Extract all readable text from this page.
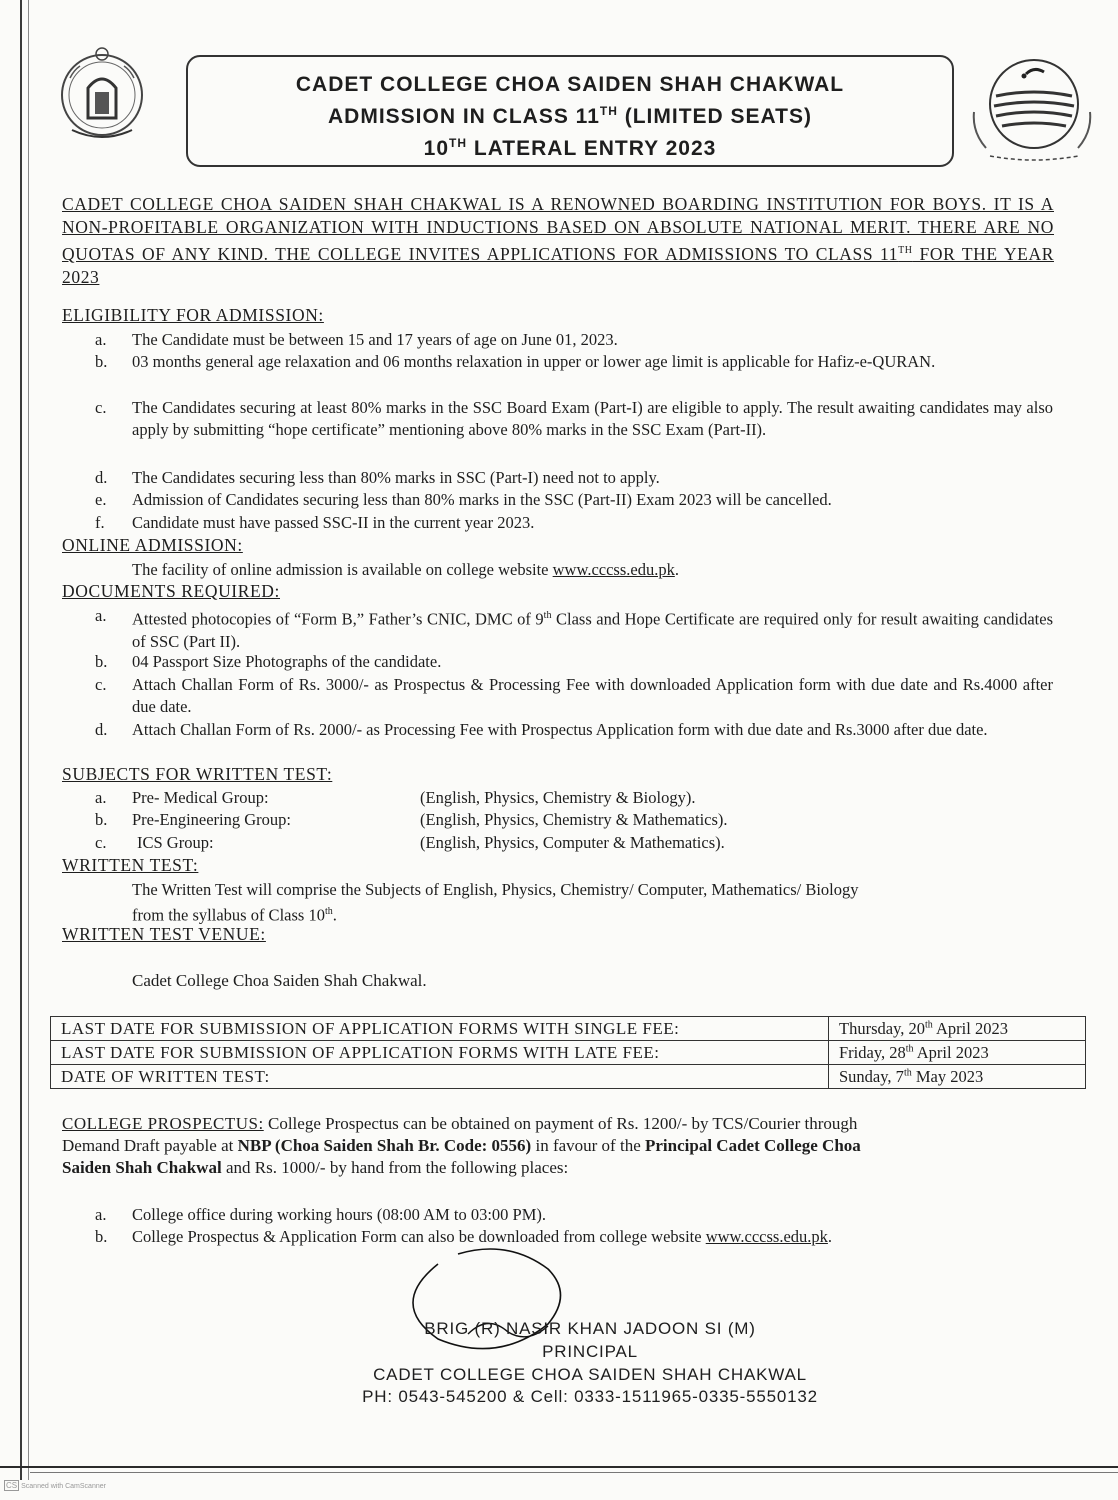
CADET COLLEGE CHOA SAIDEN SHAH CHAKWAL
ADMISSION IN CLASS 11TH (LIMITED SEATS)
10TH LATERAL ENTRY 2023
CADET COLLEGE CHOA SAIDEN SHAH CHAKWAL IS A RENOWNED BOARDING INSTITUTION FOR BOYS. IT IS A NON-PROFITABLE ORGANIZATION WITH INDUCTIONS BASED ON ABSOLUTE NATIONAL MERIT. THERE ARE NO QUOTAS OF ANY KIND. THE COLLEGE INVITES APPLICATIONS FOR ADMISSIONS TO CLASS 11TH FOR THE YEAR 2023
ELIGIBILITY FOR ADMISSION:
a.	The Candidate must be between 15 and 17 years of age on June 01, 2023.
b.	03 months general age relaxation and 06 months relaxation in upper or lower age limit is applicable for Hafiz-e-QURAN.
c.	The Candidates securing at least 80% marks in the SSC Board Exam (Part-I) are eligible to apply. The result awaiting candidates may also apply by submitting “hope certificate” mentioning above 80% marks in the SSC Exam (Part-II).
d.	The Candidates securing less than 80% marks in SSC (Part-I) need not to apply.
e.	Admission of Candidates securing less than 80% marks in the SSC (Part-II) Exam 2023 will be cancelled.
f.	Candidate must have passed SSC-II in the current year 2023.
ONLINE ADMISSION:
The facility of online admission is available on college website www.cccss.edu.pk.
DOCUMENTS REQUIRED:
a.	Attested photocopies of “Form B,” Father’s CNIC, DMC of 9th Class and Hope Certificate are required only for result awaiting candidates of SSC (Part II).
b.	04 Passport Size Photographs of the candidate.
c.	Attach Challan Form of Rs. 3000/- as Prospectus & Processing Fee with downloaded Application form with due date and Rs.4000 after due date.
d.	Attach Challan Form of Rs. 2000/- as Processing Fee with Prospectus Application form with due date and Rs.3000 after due date.
SUBJECTS FOR WRITTEN TEST:
a. Pre- Medical Group:	(English, Physics, Chemistry & Biology).
b. Pre-Engineering Group:	(English, Physics, Chemistry & Mathematics).
c. ICS Group:	(English, Physics, Computer & Mathematics).
WRITTEN TEST:
The Written Test will comprise the Subjects of English, Physics, Chemistry/ Computer, Mathematics/ Biology
from the syllabus of Class 10th.
WRITTEN TEST VENUE:
Cadet College Choa Saiden Shah Chakwal.
LAST DATE FOR SUBMISSION OF APPLICATION FORMS WITH SINGLE FEE:	Thursday, 20th April 2023
LAST DATE FOR SUBMISSION OF APPLICATION FORMS WITH LATE FEE:	Friday, 28th April 2023
DATE OF WRITTEN TEST:	Sunday, 7th May 2023
COLLEGE PROSPECTUS: College Prospectus can be obtained on payment of Rs. 1200/- by TCS/Courier through
Demand Draft payable at NBP (Choa Saiden Shah Br. Code: 0556) in favour of the Principal Cadet College Choa
Saiden Shah Chakwal and Rs. 1000/- by hand from the following places:
a.	College office during working hours (08:00 AM to 03:00 PM).
b.	College Prospectus & Application Form can also be downloaded from college website www.cccss.edu.pk.
BRIG (R) NASIR KHAN JADOON SI (M)
PRINCIPAL
CADET COLLEGE CHOA SAIDEN SHAH CHAKWAL
PH: 0543-545200 & Cell: 0333-1511965-0335-5550132
CS Scanned with CamScanner
